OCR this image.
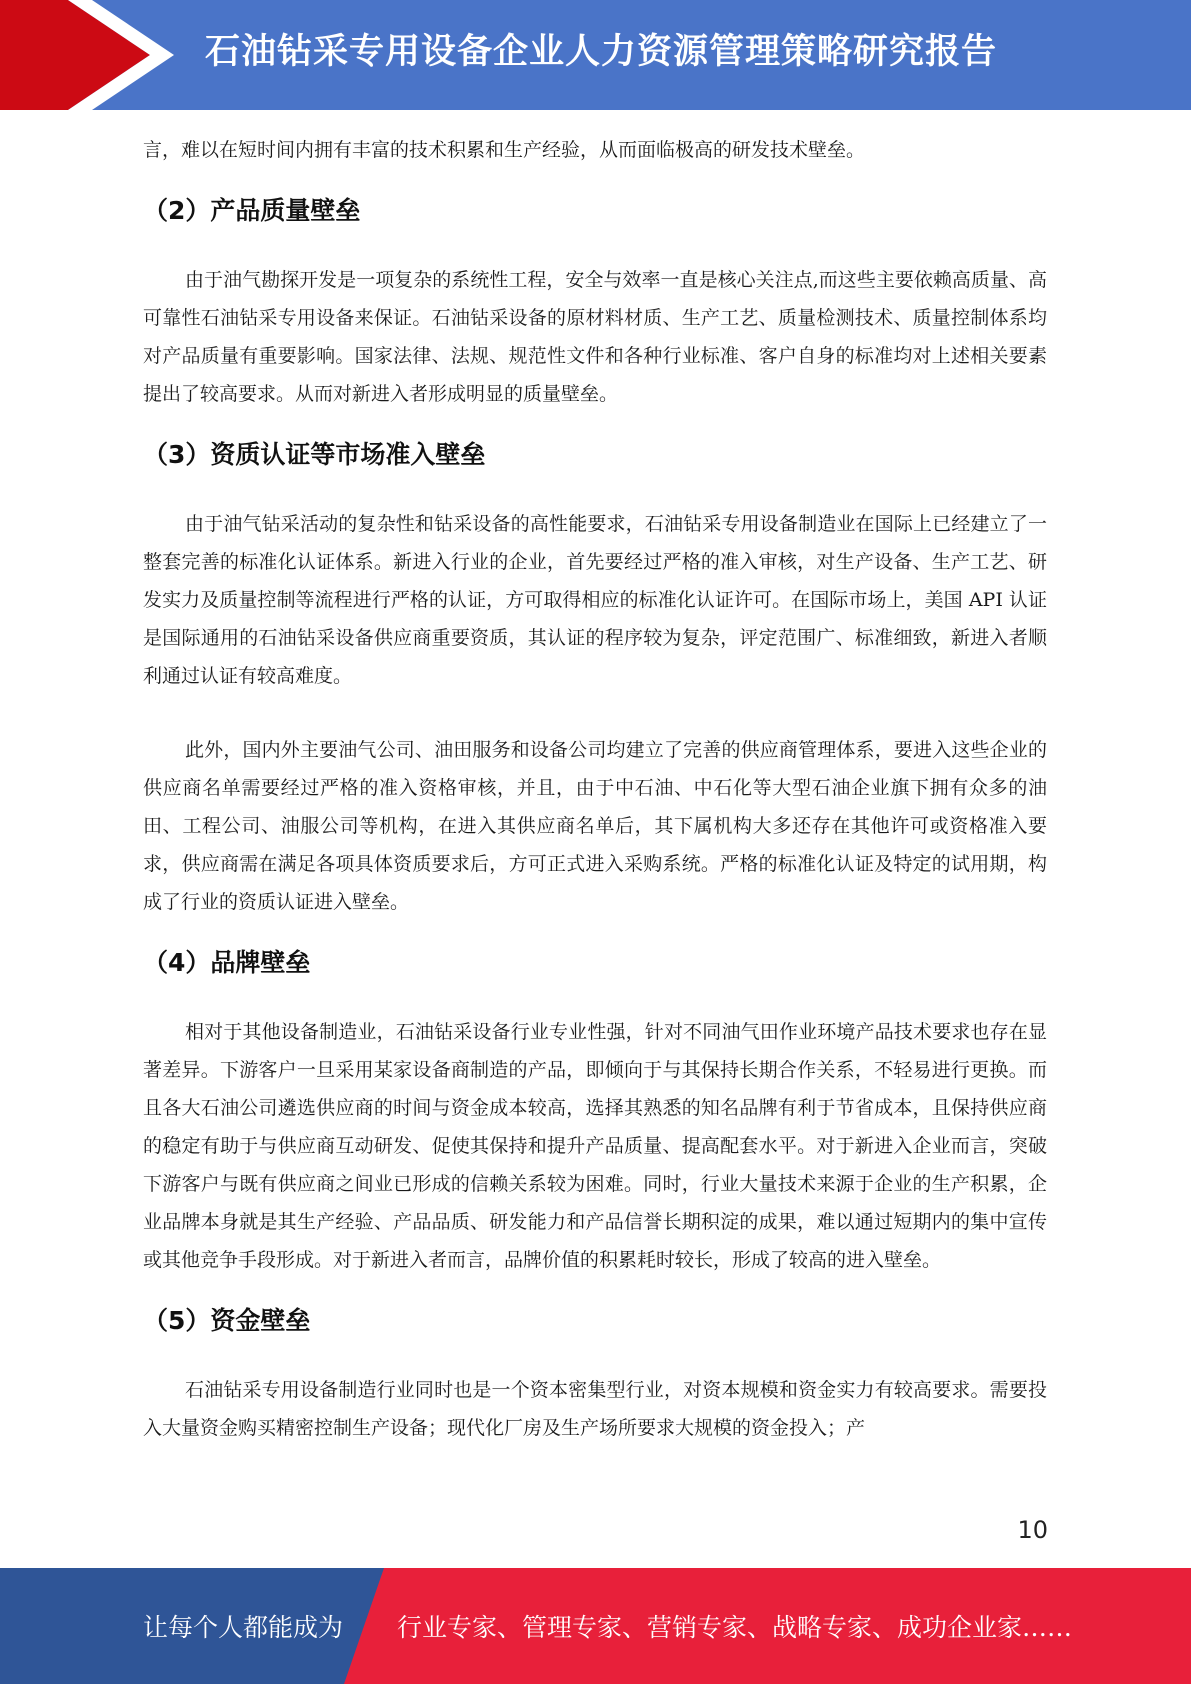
石油钻采专用设备企业人力资源管理策略研究报告

言，难以在短时间内拥有丰富的技术积累和生产经验，从而面临极高的研发技术壁垒。

（2）产品质量壁垒

由于油气勘探开发是一项复杂的系统性工程，安全与效率一直是核心关注点,而这些主要依赖高质量、高可靠性石油钻采专用设备来保证。石油钻采设备的原材料材质、生产工艺、质量检测技术、质量控制体系均对产品质量有重要影响。国家法律、法规、规范性文件和各种行业标准、客户自身的标准均对上述相关要素提出了较高要求。从而对新进入者形成明显的质量壁垒。

（3）资质认证等市场准入壁垒

由于油气钻采活动的复杂性和钻采设备的高性能要求，石油钻采专用设备制造业在国际上已经建立了一整套完善的标准化认证体系。新进入行业的企业，首先要经过严格的准入审核，对生产设备、生产工艺、研发实力及质量控制等流程进行严格的认证，方可取得相应的标准化认证许可。在国际市场上，美国 API 认证是国际通用的石油钻采设备供应商重要资质，其认证的程序较为复杂，评定范围广、标准细致，新进入者顺利通过认证有较高难度。

此外，国内外主要油气公司、油田服务和设备公司均建立了完善的供应商管理体系，要进入这些企业的供应商名单需要经过严格的准入资格审核，并且，由于中石油、中石化等大型石油企业旗下拥有众多的油田、工程公司、油服公司等机构，在进入其供应商名单后，其下属机构大多还存在其他许可或资格准入要求，供应商需在满足各项具体资质要求后，方可正式进入采购系统。严格的标准化认证及特定的试用期，构成了行业的资质认证进入壁垒。

（4）品牌壁垒

相对于其他设备制造业，石油钻采设备行业专业性强，针对不同油气田作业环境产品技术要求也存在显著差异。下游客户一旦采用某家设备商制造的产品，即倾向于与其保持长期合作关系，不轻易进行更换。而且各大石油公司遴选供应商的时间与资金成本较高，选择其熟悉的知名品牌有利于节省成本，且保持供应商的稳定有助于与供应商互动研发、促使其保持和提升产品质量、提高配套水平。对于新进入企业而言，突破下游客户与既有供应商之间业已形成的信赖关系较为困难。同时，行业大量技术来源于企业的生产积累，企业品牌本身就是其生产经验、产品品质、研发能力和产品信誉长期积淀的成果，难以通过短期内的集中宣传或其他竞争手段形成。对于新进入者而言，品牌价值的积累耗时较长，形成了较高的进入壁垒。

（5）资金壁垒

石油钻采专用设备制造行业同时也是一个资本密集型行业，对资本规模和资金实力有较高要求。需要投入大量资金购买精密控制生产设备；现代化厂房及生产场所要求大规模的资金投入；产

10
让每个人都能成为 行业专家、管理专家、营销专家、战略专家、成功企业家……
